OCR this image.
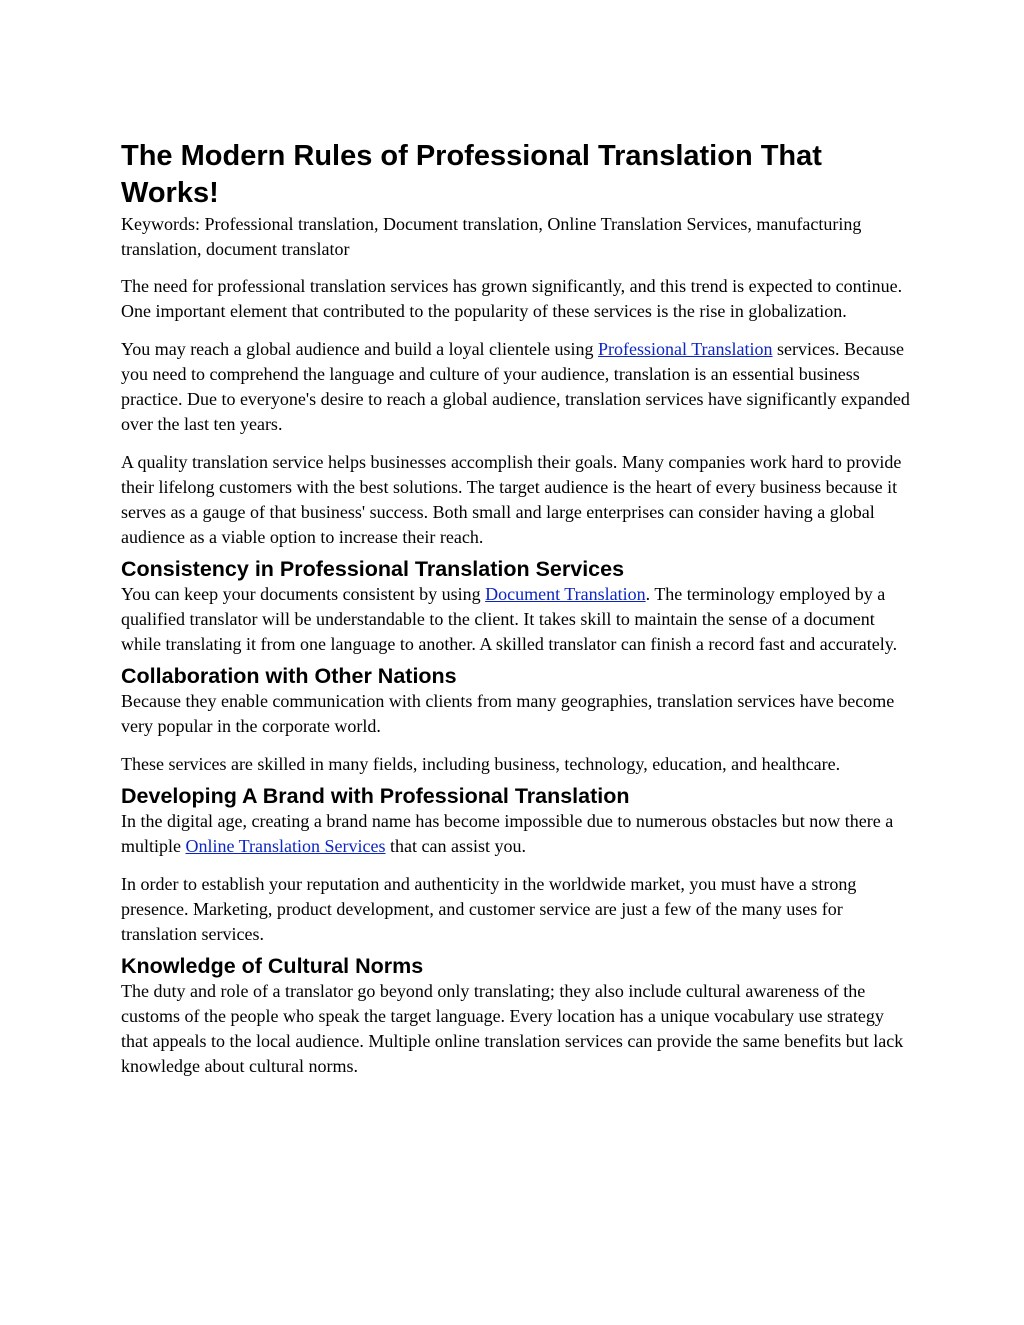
The Modern Rules of Professional Translation That Works!

Keywords: Professional translation, Document translation, Online Translation Services, manufacturing translation, document translator

The need for professional translation services has grown significantly, and this trend is expected to continue. One important element that contributed to the popularity of these services is the rise in globalization.

You may reach a global audience and build a loyal clientele using Professional Translation services. Because you need to comprehend the language and culture of your audience, translation is an essential business practice. Due to everyone's desire to reach a global audience, translation services have significantly expanded over the last ten years.

A quality translation service helps businesses accomplish their goals. Many companies work hard to provide their lifelong customers with the best solutions. The target audience is the heart of every business because it serves as a gauge of that business' success. Both small and large enterprises can consider having a global audience as a viable option to increase their reach.

Consistency in Professional Translation Services

You can keep your documents consistent by using Document Translation. The terminology employed by a qualified translator will be understandable to the client. It takes skill to maintain the sense of a document while translating it from one language to another. A skilled translator can finish a record fast and accurately.

Collaboration with Other Nations

Because they enable communication with clients from many geographies, translation services have become very popular in the corporate world.

These services are skilled in many fields, including business, technology, education, and healthcare.

Developing A Brand with Professional Translation

In the digital age, creating a brand name has become impossible due to numerous obstacles but now there a multiple Online Translation Services that can assist you.

In order to establish your reputation and authenticity in the worldwide market, you must have a strong presence. Marketing, product development, and customer service are just a few of the many uses for translation services.

Knowledge of Cultural Norms

The duty and role of a translator go beyond only translating; they also include cultural awareness of the customs of the people who speak the target language. Every location has a unique vocabulary use strategy that appeals to the local audience. Multiple online translation services can provide the same benefits but lack knowledge about cultural norms.
